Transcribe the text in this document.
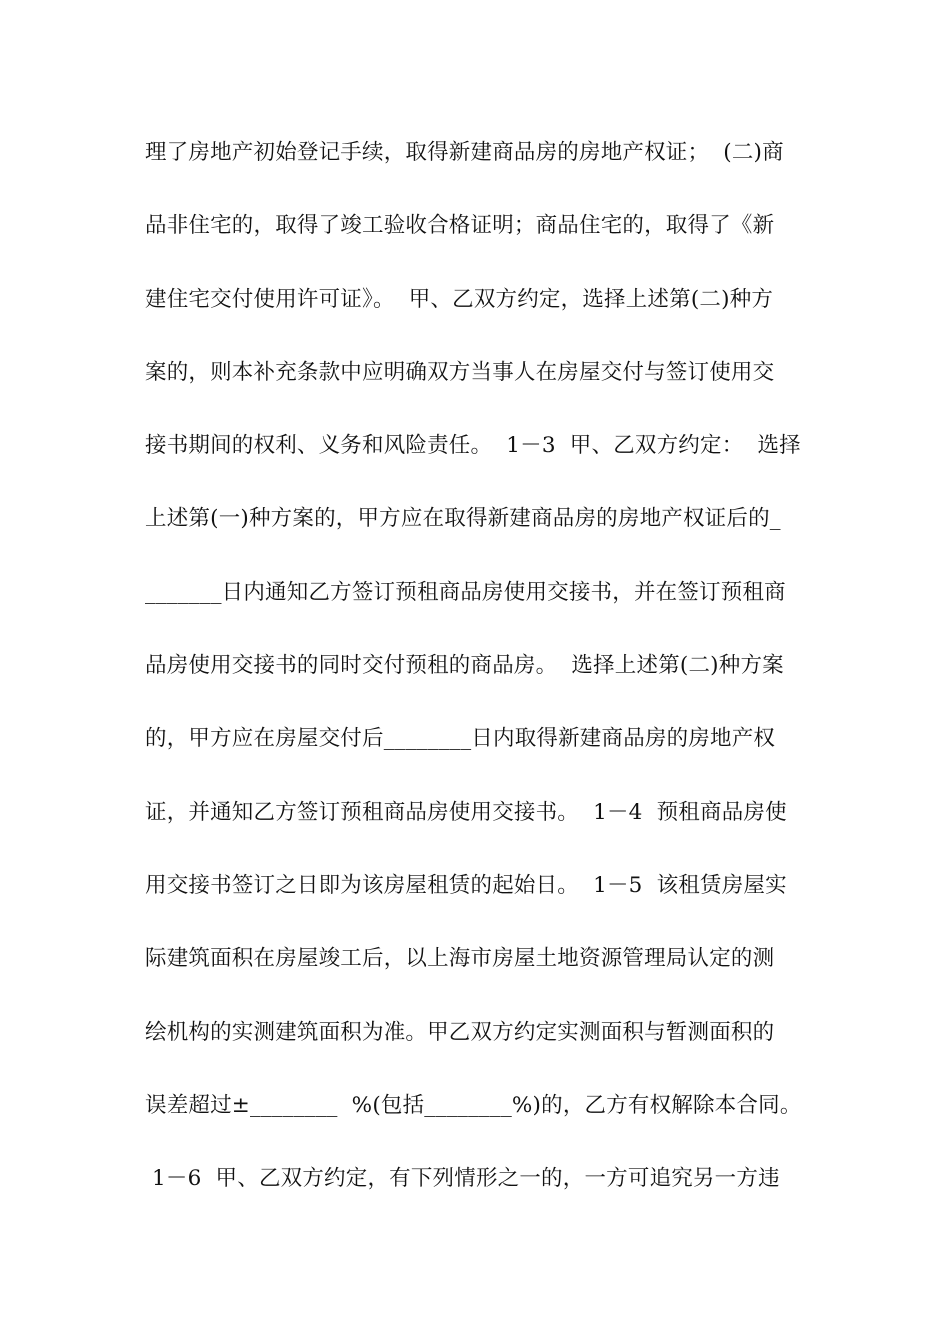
理了房地产初始登记手续，取得新建商品房的房地产权证；  (二)商
品非住宅的，取得了竣工验收合格证明；商品住宅的，取得了《新
建住宅交付使用许可证》。  甲、乙双方约定，选择上述第(二)种方
案的，则本补充条款中应明确双方当事人在房屋交付与签订使用交
接书期间的权利、义务和风险责任。  1－3  甲、乙双方约定：  选择
上述第(一)种方案的，甲方应在取得新建商品房的房地产权证后的_
_______日内通知乙方签订预租商品房使用交接书，并在签订预租商
品房使用交接书的同时交付预租的商品房。  选择上述第(二)种方案
的，甲方应在房屋交付后________日内取得新建商品房的房地产权
证，并通知乙方签订预租商品房使用交接书。  1－4  预租商品房使
用交接书签订之日即为该房屋租赁的起始日。  1－5  该租赁房屋实
际建筑面积在房屋竣工后，以上海市房屋土地资源管理局认定的测
绘机构的实测建筑面积为准。甲乙双方约定实测面积与暂测面积的
误差超过±________  %(包括________%)的，乙方有权解除本合同。
1－6  甲、乙双方约定，有下列情形之一的，一方可追究另一方违
